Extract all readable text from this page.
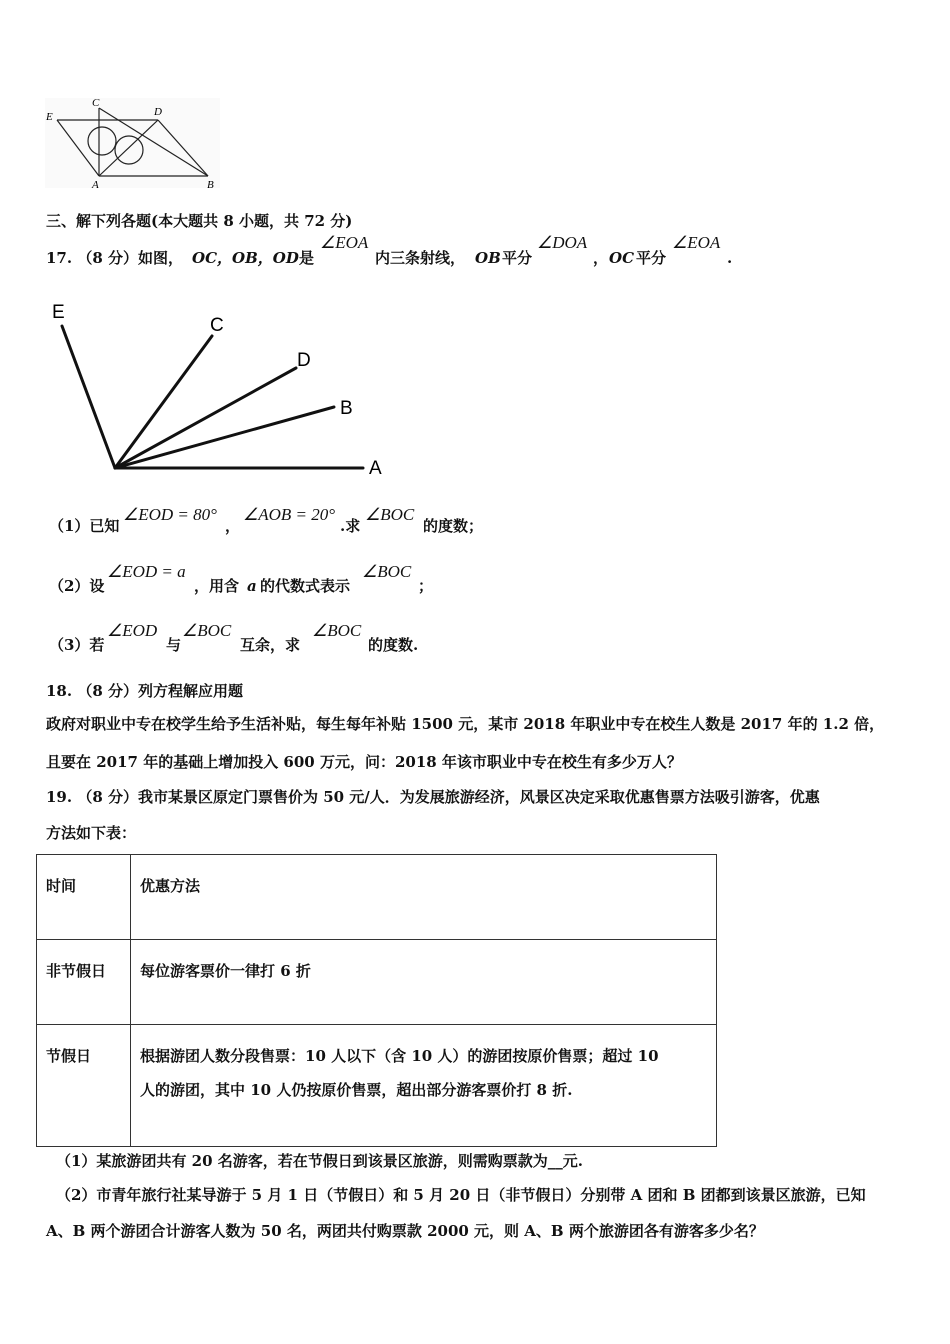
E
C
D
A	B
三、解下列各题(本大题共 8 小题，共 72 分)
17. （8 分）如图， OC，OB，OD 是
∠EOA
内三条射线， OB 平分
∠DOA
， OC 平分
∠EOA
.
E
C
D
B
A
（1）已知
∠EOD = 80°
，
∠AOB = 20°
.求
∠BOC
的度数；
（2）设
∠EOD = a
，用含 a 的代数式表示
∠BOC
；
（3）若
∠EOD
与
∠BOC
互余，求
∠BOC
的度数.
18. （8 分）列方程解应用题
政府对职业中专在校学生给予生活补贴，每生每年补贴 1500 元，某市 2018 年职业中专在校生人数是 2017 年的 1.2 倍，
且要在 2017 年的基础上增加投入 600 万元，问：2018 年该市职业中专在校生有多少万人？
19. （8 分）我市某景区原定门票售价为 50 元/人．为发展旅游经济，风景区决定采取优惠售票方法吸引游客，优惠
方法如下表：
时间	优惠方法
非节假日	每位游客票价一律打 6 折
节假日	根据游团人数分段售票：10 人以下（含 10 人）的游团按原价售票；超过 10
人的游团，其中 10 人仍按原价售票，超出部分游客票价打 8 折.
（1）某旅游团共有 20 名游客，若在节假日到该景区旅游，则需购票款为__元.
（2）市青年旅行社某导游于 5 月 1 日（节假日）和 5 月 20 日（非节假日）分别带 A 团和 B 团都到该景区旅游，已知
A、B 两个游团合计游客人数为 50 名，两团共付购票款 2000 元，则 A、B 两个旅游团各有游客多少名？
